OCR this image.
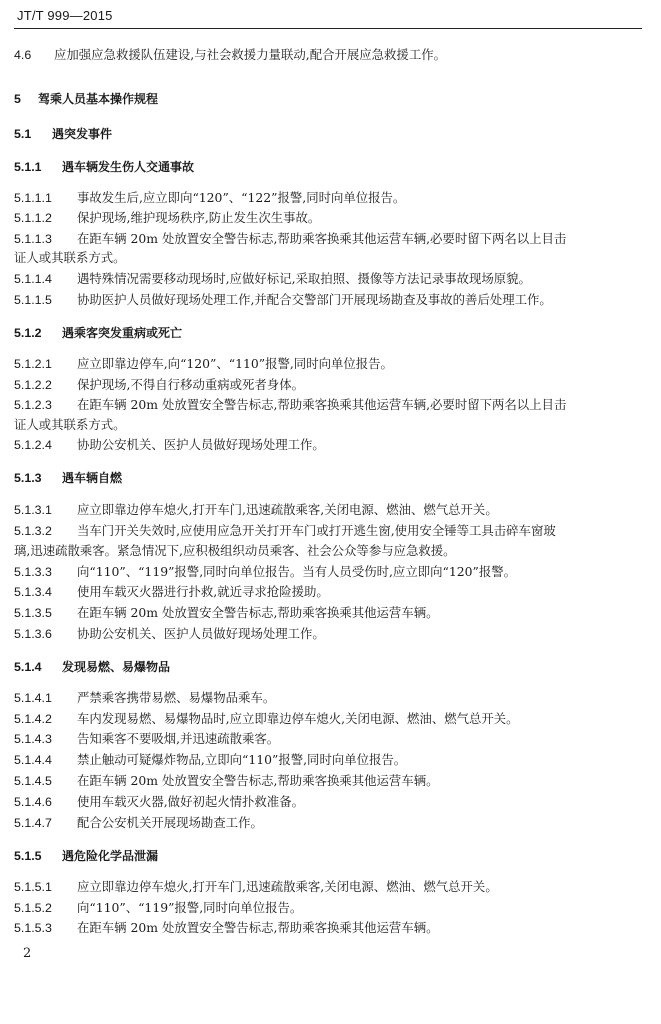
JT/T 999—2015
4.6 应加强应急救援队伍建设,与社会救援力量联动,配合开展应急救援工作。
5 驾乘人员基本操作规程
5.1 遇突发事件
5.1.1 遇车辆发生伤人交通事故
5.1.1.1 事故发生后,应立即向“120”、“122”报警,同时向单位报告。
5.1.1.2 保护现场,维护现场秩序,防止发生次生事故。
5.1.1.3 在距车辆 20m 处放置安全警告标志,帮助乘客换乘其他运营车辆,必要时留下两名以上目击
证人或其联系方式。
5.1.1.4 遇特殊情况需要移动现场时,应做好标记,采取拍照、摄像等方法记录事故现场原貌。
5.1.1.5 协助医护人员做好现场处理工作,并配合交警部门开展现场勘查及事故的善后处理工作。
5.1.2 遇乘客突发重病或死亡
5.1.2.1 应立即靠边停车,向“120”、“110”报警,同时向单位报告。
5.1.2.2 保护现场,不得自行移动重病或死者身体。
5.1.2.3 在距车辆 20m 处放置安全警告标志,帮助乘客换乘其他运营车辆,必要时留下两名以上目击
证人或其联系方式。
5.1.2.4 协助公安机关、医护人员做好现场处理工作。
5.1.3 遇车辆自燃
5.1.3.1 应立即靠边停车熄火,打开车门,迅速疏散乘客,关闭电源、燃油、燃气总开关。
5.1.3.2 当车门开关失效时,应使用应急开关打开车门或打开逃生窗,使用安全锤等工具击碎车窗玻
璃,迅速疏散乘客。紧急情况下,应积极组织动员乘客、社会公众等参与应急救援。
5.1.3.3 向“110”、“119”报警,同时向单位报告。当有人员受伤时,应立即向“120”报警。
5.1.3.4 使用车载灭火器进行扑救,就近寻求抢险援助。
5.1.3.5 在距车辆 20m 处放置安全警告标志,帮助乘客换乘其他运营车辆。
5.1.3.6 协助公安机关、医护人员做好现场处理工作。
5.1.4 发现易燃、易爆物品
5.1.4.1 严禁乘客携带易燃、易爆物品乘车。
5.1.4.2 车内发现易燃、易爆物品时,应立即靠边停车熄火,关闭电源、燃油、燃气总开关。
5.1.4.3 告知乘客不要吸烟,并迅速疏散乘客。
5.1.4.4 禁止触动可疑爆炸物品,立即向“110”报警,同时向单位报告。
5.1.4.5 在距车辆 20m 处放置安全警告标志,帮助乘客换乘其他运营车辆。
5.1.4.6 使用车载灭火器,做好初起火情扑救准备。
5.1.4.7 配合公安机关开展现场勘查工作。
5.1.5 遇危险化学品泄漏
5.1.5.1 应立即靠边停车熄火,打开车门,迅速疏散乘客,关闭电源、燃油、燃气总开关。
5.1.5.2 向“110”、“119”报警,同时向单位报告。
5.1.5.3 在距车辆 20m 处放置安全警告标志,帮助乘客换乘其他运营车辆。
2
